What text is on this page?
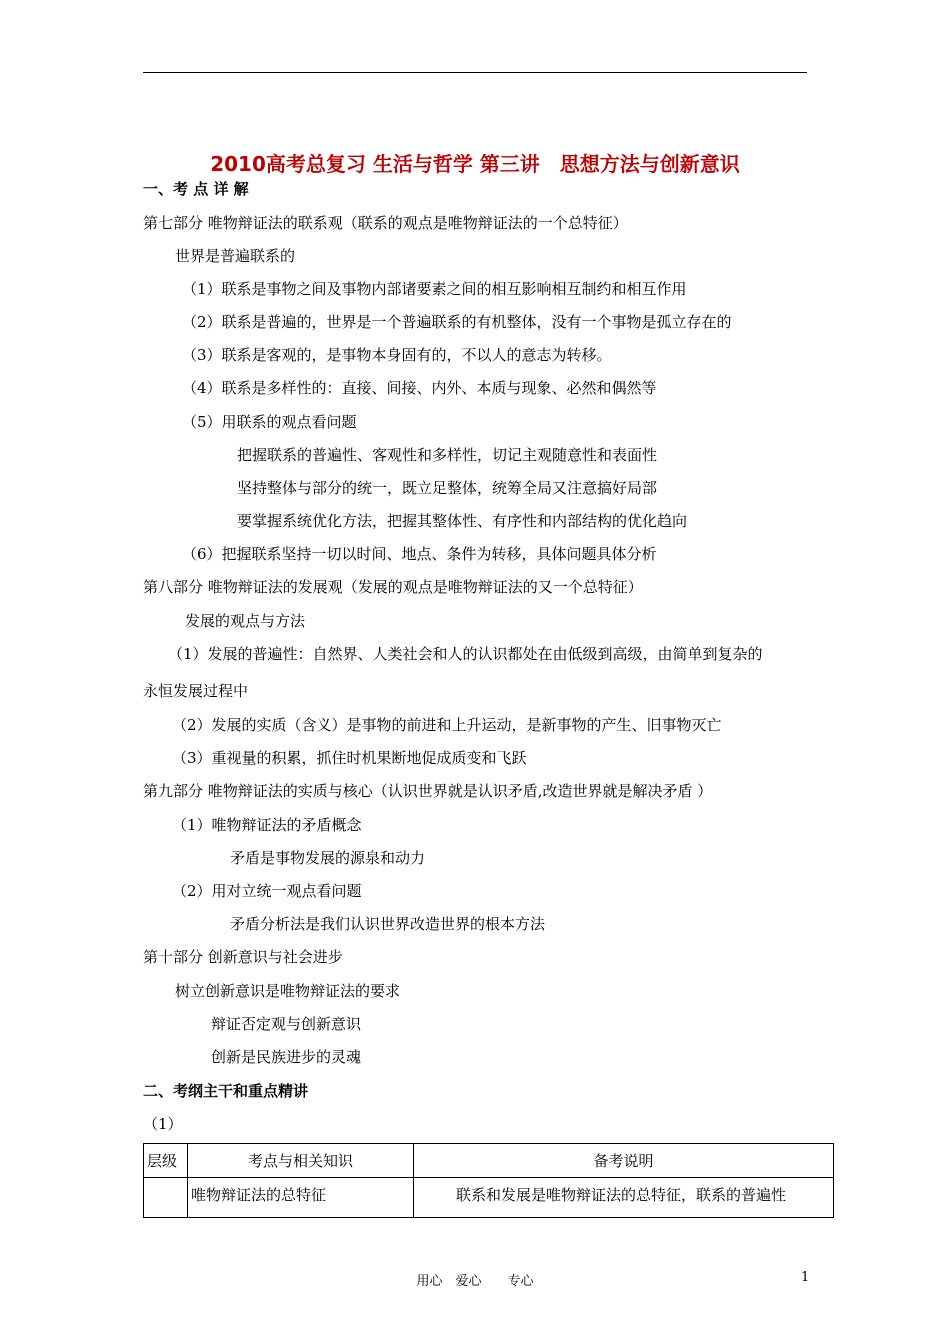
2010高考总复习 生活与哲学 第三讲　思想方法与创新意识
一、考 点 详 解
第七部分 唯物辩证法的联系观（联系的观点是唯物辩证法的一个总特征）
世界是普遍联系的
（1）联系是事物之间及事物内部诸要素之间的相互影响相互制约和相互作用
（2）联系是普遍的，世界是一个普遍联系的有机整体，没有一个事物是孤立存在的
（3）联系是客观的，是事物本身固有的，不以人的意志为转移。
（4）联系是多样性的：直接、间接、内外、本质与现象、必然和偶然等
（5）用联系的观点看问题
把握联系的普遍性、客观性和多样性，切记主观随意性和表面性
坚持整体与部分的统一，既立足整体，统筹全局又注意搞好局部
要掌握系统优化方法，把握其整体性、有序性和内部结构的优化趋向
（6）把握联系坚持一切以时间、地点、条件为转移，具体问题具体分析
第八部分 唯物辩证法的发展观（发展的观点是唯物辩证法的又一个总特征）
发展的观点与方法
（1）发展的普遍性：自然界、人类社会和人的认识都处在由低级到高级，由简单到复杂的
永恒发展过程中
（2）发展的实质（含义）是事物的前进和上升运动，是新事物的产生、旧事物灭亡
（3）重视量的积累，抓住时机果断地促成质变和飞跃
第九部分 唯物辩证法的实质与核心（认识世界就是认识矛盾,改造世界就是解决矛盾 ）
（1）唯物辩证法的矛盾概念
矛盾是事物发展的源泉和动力
（2）用对立统一观点看问题
矛盾分析法是我们认识世界改造世界的根本方法
第十部分 创新意识与社会进步
树立创新意识是唯物辩证法的要求
辩证否定观与创新意识
创新是民族进步的灵魂
二、考纲主干和重点精讲
（1）
层级	考点与相关知识	备考说明
	唯物辩证法的总特征	联系和发展是唯物辩证法的总特征，联系的普遍性
用心　爱心　　专心	1
